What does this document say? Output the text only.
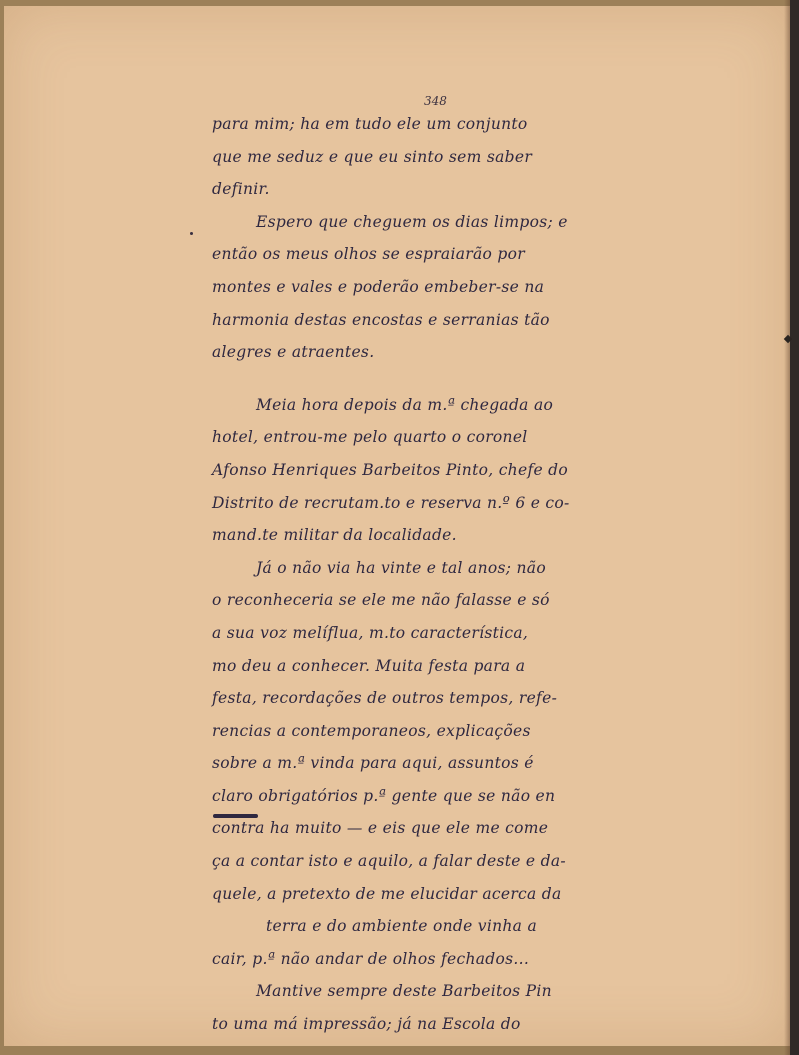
348
para mim; ha em tudo ele um conjunto
que me seduz e que eu sinto sem saber
definir.
Espero que cheguem os dias limpos; e
então os meus olhos se espraiarão por
montes e vales e poderão embeber-se na
harmonia destas encostas e serranias tão
alegres e atraentes.
Meia hora depois da m.ª chegada ao
hotel, entrou-me pelo quarto o coronel
Afonso Henriques Barbeitos Pinto, chefe do
Distrito de recrutam.to e reserva n.º 6 e co-
mand.te militar da localidade.
Já o não via ha vinte e tal anos; não
o reconheceria se ele me não falasse e só
a sua voz melíflua, m.to característica,
mo deu a conhecer. Muita festa para a
festa, recordações de outros tempos, refe-
rencias a contemporaneos, explicações
sobre a m.ª vinda para aqui, assuntos é
claro obrigatórios p.ª gente que se não en
contra ha muito — e eis que ele me come
ça a contar isto e aquilo, a falar deste e da-
quele, a pretexto de me elucidar acerca da
terra e do ambiente onde vinha a
cair, p.ª não andar de olhos fechados...
Mantive sempre deste Barbeitos Pin
to uma má impressão; já na Escola do
